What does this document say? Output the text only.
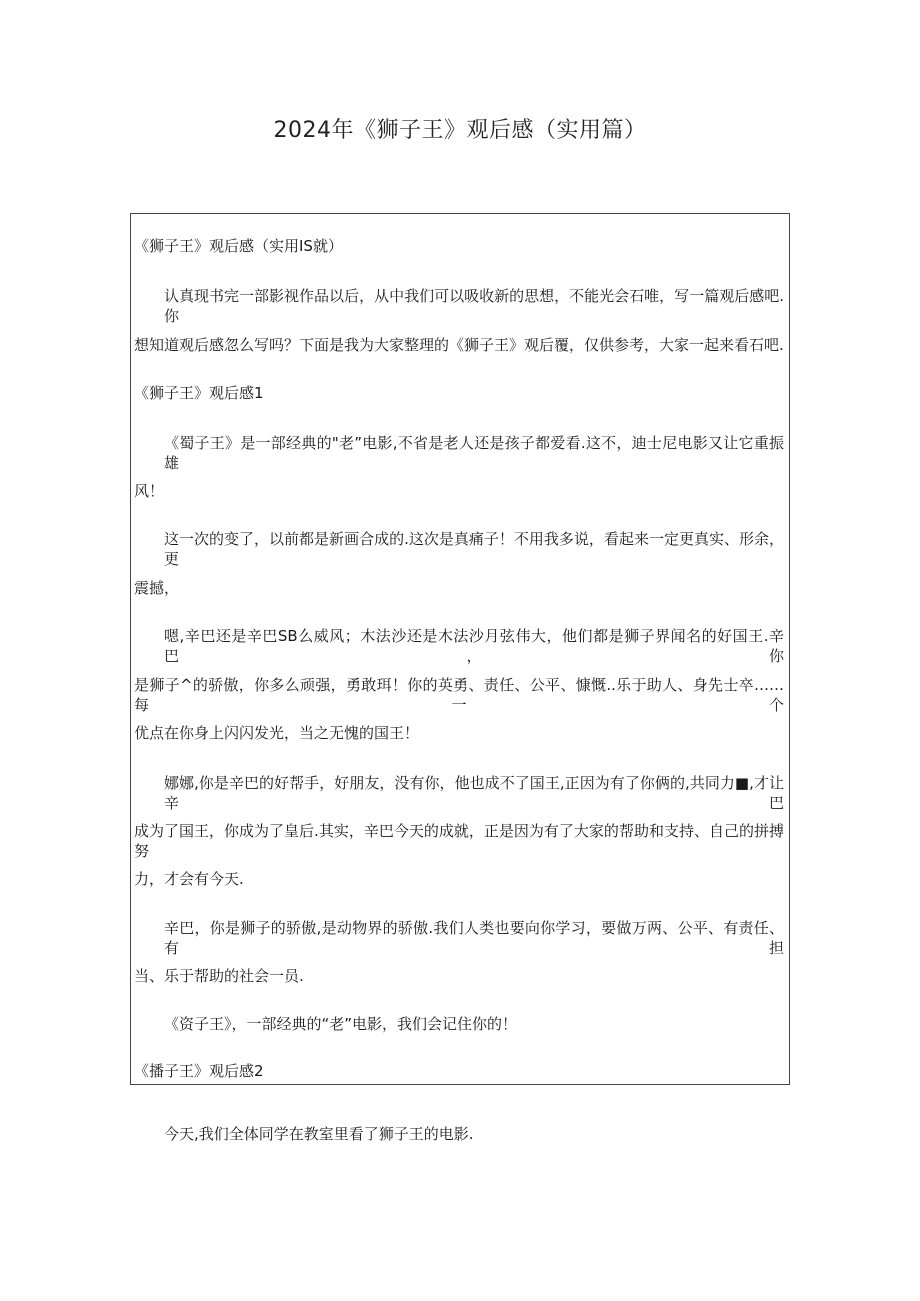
2024年《狮子王》观后感（实用篇）
《狮子王》观后感（实用IS就）
认真现书完一部影视作品以后，从中我们可以吸收新的思想，不能光会石唯，写一篇观后感吧.你
想知道观后感忽么写吗？下面是我为大家整理的《狮子王》观后覆，仅供参考，大家一起来看石吧.
《狮子王》观后感1
《蜀子王》是一部经典的"老”电影,不省是老人还是孩子都爱看.这不，迪士尼电影又让它重振雄
风！
这一次的变了，以前都是新画合成的.这次是真痛子！不用我多说，看起来一定更真实、形余，更
震撼，
嗯,辛巴还是辛巴SB么威风；木法沙还是木法沙月弦伟大，他们都是狮子界闻名的好国王.辛巴，你
是狮子^的骄傲，你多么顽强，勇敢珥！你的英勇、责任、公平、慷慨..乐于助人、身先士卒……每一个
优点在你身上闪闪发光，当之无愧的国王！
娜娜,你是辛巴的好帮手，好朋友，没有你，他也成不了国王,正因为有了你俩的,共同力■,才让辛巴
成为了国王，你成为了皇后.其实，辛巴今天的成就，正是因为有了大家的帮助和支持、自己的拼搏努
力，才会有今天.
辛巴，你是狮子的骄傲,是动物界的骄傲.我们人类也要向你学习，要做万两、公平、有责任、有担
当、乐于帮助的社会一员.
《资子王》，一部经典的“老”电影，我们会记住你的！
《播子王》观后感2
今天,我们全体同学在教室里看了狮子王的电影.
